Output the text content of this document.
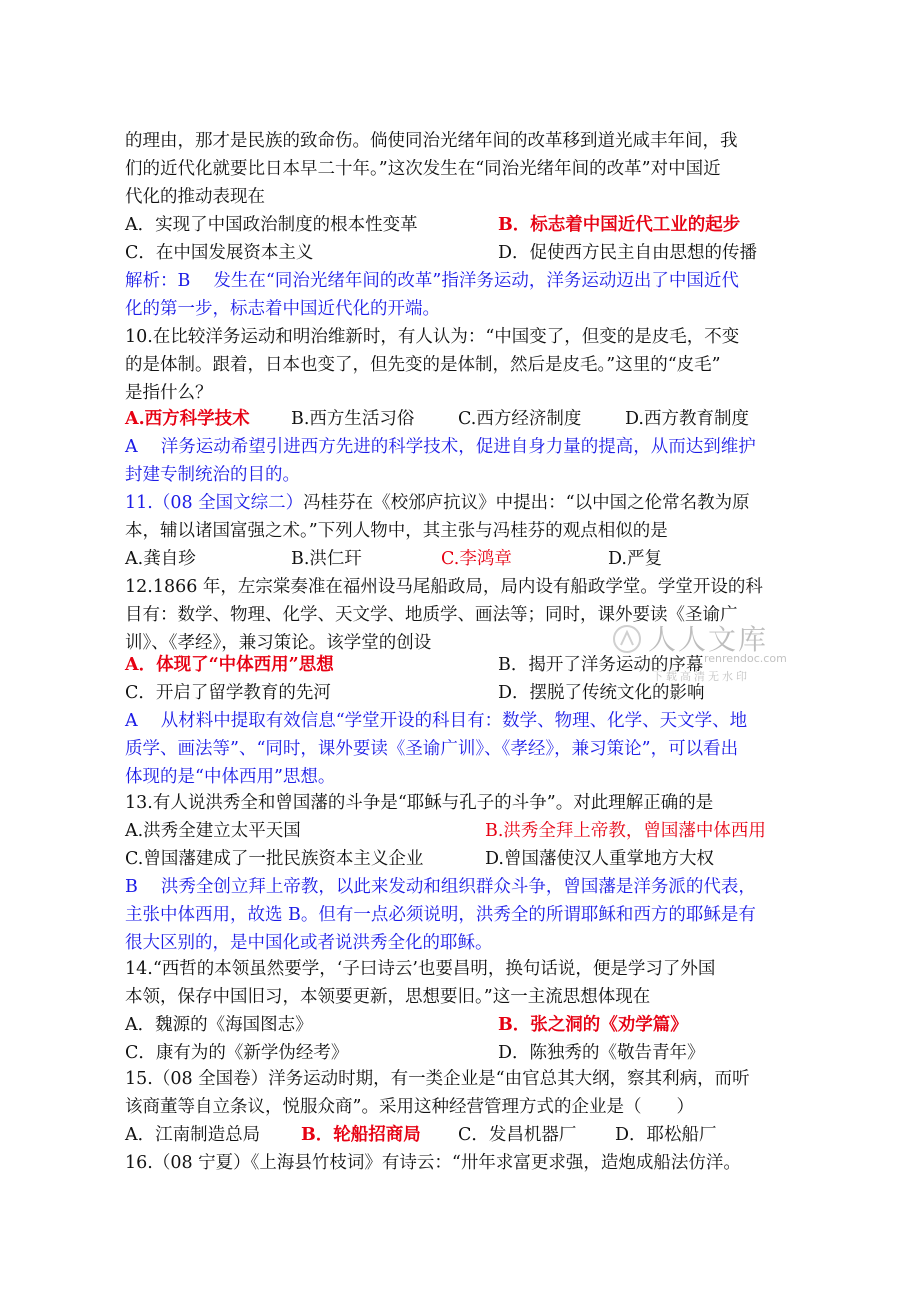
的理由，那才是民族的致命伤。倘使同治光绪年间的改革移到道光咸丰年间，我
们的近代化就要比日本早二十年。”这次发生在“同治光绪年间的改革”对中国近
代化的推动表现在
A．实现了中国政治制度的根本性变革	B．标志着中国近代工业的起步
C．在中国发展资本主义	D．促使西方民主自由思想的传播
解析：B　 发生在“同治光绪年间的改革”指洋务运动，洋务运动迈出了中国近代
化的第一步，标志着中国近代化的开端。
10.在比较洋务运动和明治维新时，有人认为：“中国变了，但变的是皮毛，不变
的是体制。跟着，日本也变了，但先变的是体制，然后是皮毛。”这里的“皮毛”
是指什么？
A.西方科学技术 B.西方生活习俗 C.西方经济制度 D.西方教育制度
A　 洋务运动希望引进西方先进的科学技术，促进自身力量的提高，从而达到维护
封建专制统治的目的。
11.（08 全国文综二）冯桂芬在《校邠庐抗议》中提出：“以中国之伦常名教为原
本，辅以诸国富强之术。”下列人物中，其主张与冯桂芬的观点相似的是
A.龚自珍	B.洪仁玕	C.李鸿章	D.严复
12.1866 年，左宗棠奏准在福州设马尾船政局，局内设有船政学堂。学堂开设的科
目有：数学、物理、化学、天文学、地质学、画法等；同时，课外要读《圣谕广
训》、《孝经》，兼习策论。该学堂的创设
A．体现了“中体西用”思想	B．揭开了洋务运动的序幕
C．开启了留学教育的先河	D．摆脱了传统文化的影响
A　 从材料中提取有效信息“学堂开设的科目有：数学、物理、化学、天文学、地
质学、画法等”、“同时，课外要读《圣谕广训》、《孝经》，兼习策论”，可以看出
体现的是“中体西用”思想。
13.有人说洪秀全和曾国藩的斗争是“耶稣与孔子的斗争”。对此理解正确的是
A.洪秀全建立太平天国	B.洪秀全拜上帝教，曾国藩中体西用
C.曾国藩建成了一批民族资本主义企业	D.曾国藩使汉人重掌地方大权
B　 洪秀全创立拜上帝教，以此来发动和组织群众斗争，曾国藩是洋务派的代表，
主张中体西用，故选 B。但有一点必须说明，洪秀全的所谓耶稣和西方的耶稣是有
很大区别的，是中国化或者说洪秀全化的耶稣。
14.“西哲的本领虽然要学，‘子曰诗云’也要昌明，换句话说，便是学习了外国
本领，保存中国旧习，本领要更新，思想要旧。”这一主流思想体现在
A．魏源的《海国图志》	B．张之洞的《劝学篇》
C．康有为的《新学伪经考》	D．陈独秀的《敬告青年》
15.（08 全国卷）洋务运动时期，有一类企业是“由官总其大纲，察其利病，而听
该商董等自立条议，悦服众商”。采用这种经营管理方式的企业是（　　）
A．江南制造总局 B．轮船招商局 C．发昌机器厂 D．耶松船厂
16.（08 宁夏）《上海县竹枝词》有诗云：“卅年求富更求强，造炮成船法仿洋。
人人文库
renrendoc.com
下载高清无水印
